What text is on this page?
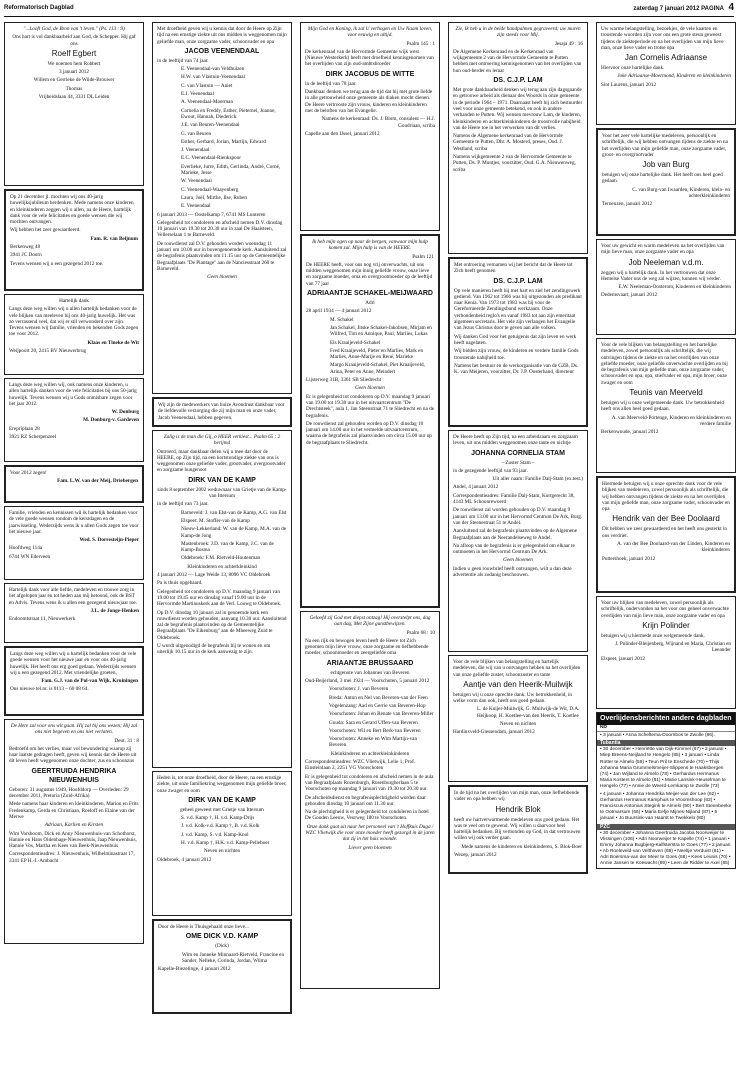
Reformatorisch Dagblad	zaterdag 7 januari 2012 PAGINA 4

"...Looft God, de Bron van 't leven." (Ps. 113 : 9)

Ons hart is vol dankbaarheid aan God, de Schepper. Hij gaf ons

Roelf Egbert

We noemen hem Robbert

3 januari 2012

Willem en Gerrieke de Wilde-Brouwer

Thomas

Vrijheidslaan 44, 3331 DL Leiden

Op 21 december jl. mochten wij ons 40-jarig huwelijksjubileum herdenken. Mede namens onze kinderen en kleinkinderen zeggen wij u allen, na de Heere, hartelijk dank voor de vele felicitaties en goede wensen die wij mochten ontvangen.

Wij hebben het zeer gewaardeerd.

Fam. R. van Beljnum

Berkenweg 48

3941 JC Doorn

Tevens wensen wij u een gezegend 2012 toe.

Hartelijk dank

Langs deze weg willen wij u allen hartelijk bedanken voor de vele blijken van meeleven bij ons 40-jarig huwelijk. Het was zo verrassend veel, dat wij er stil verwonderd over zijn. Tevens wensen wij familie, vrienden en bekenden Gods zegen toe voor 2012.

Klaas en Tineke de Wit

Weijpoort 20, 2415 BV Nieuwerbrug

Langs deze weg willen wij, ook namens onze kinderen, u allen hartelijk danken voor de vele felicitaties bij ons 50-jarig huwelijk. Tevens wensen wij u Gods onmisbare zegen voor het jaar 2012.

W. Donburg

M. Donburg-v. Gardeven

Erepriplaan 28

3921 RZ Scherpenzeel

Voor 2012 zegen!

Fam. L.W. van der Meij, Driebergen

Familie, vrienden en kennissen wil ik hartelijk bedanken voor de vele goede wensen rondom de kerstdagen en de jaarwisseling. Wederzijds wens ik u allen Gods zegen toe voor het nieuwe jaar.

Wed. S. Dorresteijn-Pieper

Hoofdweg 114a

6744 WN Ederveen

Hartelijk dank voor alle liefde, medeleven en trouwe zorg in het afgelopen jaar en tot heden aan mij betoond, ook de BST en Advis. Tevens wens ik u allen een gezegend nieuwjaar toe.

J.L. de Jonge-Henken

Endoomtstraat 11, Nieuwerkerk

Langs deze weg willen wij u hartelijk bedanken voor de vele goede wensen voor het nieuwe jaar en voor ons 40-jarig huwelijk. Het heeft ons erg goed gedaan. Wederzijds wensen wij u een gezegend 2012. Met vriendelijke groeten,

Fam. G.J. van de Pol-van Wijk, Kruiningen

Ons nieuwe tel.nr. is 0113 – 60 08 64.

De Here zal voor ons wit gaan. Hij zal bij ons wezen; Hij zal ons niet begeven en ons niet verlaten.

Deut. 31 : 8

Bedroefd om het verlies, maar vol bewondering waarop zij haar laatste gedragen heeft, geven wij kennis dat de Heere uit dit leven heeft weggenomen onze dochter, zus en schoonzus

GEERTRUIDA HENDRIKA NIEUWENHUIS

Geboren: 31 augustus 1949, Hoofddorp — Overleden: 29 december 2011, Pretoria (Zuid-Afrika)

Mede namens haar kinderen en kleinkinderen, Marion en Frits Fredenkamp, Gerda en Christiaan, Roeloff en Elaine van der Merwe

Adriaan, Karlien en Kirsten

Wim Vorsboom, Dick en Anny Nieuwenhuis-van Schothorst, Hannie en Hans Oldenhage-Nieuwenhuis, Jaap Nieuwenhuis, Hannie Vos, Martha en Kees van Beek-Nieuwenhuis

Correspondentieadres: J. Nieuwenhuis, Wilhelminastraat 17, 3341 EP H.-I.-Ambacht

Met droefheid geven wij u kennis dat door de Heere op Zijn tijd na een ernstige ziekte uit ons midden is weggenomen mijn geliefde man, onze zorgzame vader, schoonvader en opa

JACOB VEENENDAAL

in de leeftijd van 74 jaar.

E. Veenendaal-van Veldhuizen

H.W. van Vlastuin-Veenendaal

C. van Vlastuin — Aniet

E.J. Veenendaal

A. Veenendaal-Moerman

Cornelia en Freddy, Esther, Pieternel, Joanne, Ewout, Hannah, Diederick

J.E. van Beuren-Veenendaal

G. van Beuren

Esther, Gerhard, Jorian, Martijn, Edward

J. Veenendaal

E.C. Veenendaal-Rienkspoor

Everlieke, Jurre, Edith, Gerlinda, André, Corné, Marieke, Jesse

W. Veenendaal

C. Veenendaal-Waayenberg

Laura, Joël, Mirthe, Ilse, Ruben

E. Veenendaal

6 januari 2013 — Oostelkamp 7, 6741 MS Lunteren

Gelegenheid tot condoleren en afscheid nemen D.V. dinsdag 10 januari van 19.30 tot 20.30 uur in zaal De Haalsteen, Vellerselaan 1 te Barneveld.

De rouwdienst zal D.V. gehouden worden woensdag 11 januari om 10.00 uur in bovengenoemde kerk. Aansluitend zal de begrafenis plaatsvinden om 11.15 uur op de Gemeentelijke Begraafplaats "De Plantage" aan de Nanciesstraat 260 te Barneveld.

Geen bloemen

Wij zijn de medewerkers van huize Avondrust dankbaar voor de liefdevolle verzorging die zij mijn man en onze vader, Jacob Veenendaal, hebben gegeven.

Zalig is de man die Gij, o HEER verkiest... Psalm 65 : 2 berijmd

Ontroerd, maar dankbaar delen wij u mee dat door de HEERE, op Zijn tijd, na een kortstondige ziekte van ons is weggenomen onze geliefde vader, grootvader, overgrootvader en zorgzame hungenoot

DIRK VAN DE KAMP

sinds 8 september 2002 weduwnaar van Grietje van de Kamp-van Ittersum

in de leeftijd van 73 jaar.

Barneveld: J. van Elst-van de Kamp, A.G. van Elst

Elspeet: M. Stoffer-van de Kamp

Nieuw-Lekkerland: W. van de Kamp, M.A. van de Kamp-de Jong

Mastenbroek: J.D. van de Kamp, J.C. van de Kamp-Bosma

Oldebroek: F.M. Rietveld-Houtenman

Kleinkinderen en achterkleinkind

4 januari 2012 — Lage Weide 13, 8096 VC Oldebroek

Pa is thuis opgebaard.

Gelegenheid tot condoleren op D.V. maandag 9 januari van 19.00 tot 19.45 uur en dinsdag vanaf 19.00 uur in de Hervormde Martinuskerk aan de Verl. Loowg te Oldebroek.

Op D.V. dinsdag 10 januari zal in genoemde kerk een rouwdienst worden gehouden, aanvang 10.30 uur. Aansluitend zal de begrafenis plaatsvinden op de Gemeentelijke Begraafplaats "De Eikenburg" aan de Mheeweg Zuid te Oldebroek.

U wordt uitgenodigd de begrafenis bij te wonen en om uiterlijk 10.15 uur in de kerk aanwezig te zijn.

Heden is, tot onze droefheid, door de Heere, na een ernstige ziekte, uit onze familiekring weggenomen mijn geliefde broer, onze zwager en oom

DIRK VAN DE KAMP

geheel geweest met Grietje van Ittersum

S. v.d. Kamp †, H. v.d. Kamp-Drijs

J. v.d. Kolk-v.d. Kamp †, B. v.d. Kolk

J. v.d. Kamp, S. v.d. Kamp-Knol

H. v.d. Kamp †, H.K. v.d. Kamp-Pelleboer

Neven en nichten

Oldebroek, 4 januari 2012

Door de Heere is Thuisgehaald onze lieve...

OME DICK V.D. KAMP

(Dick)

Wim en Janneke Minnaard-Rietveld, Francine en Sander, Nelleke, Corinda, Jordan, Wilma

Kapelle-Biezelinge, 4 januari 2012

Mijn God en Koning, ik zal U verhogen en Uw Naam loven, voor eeuwig en altijd.

Psalm 145 : 1

De kerkenraad van de Hervormde Gemeente wijk west (Nieuwe Westerkerk) heeft met droefheid kennisgenomen van het overlijden van zijn oud-ambtsbroeder

DIRK JACOBUS DE WITTE

in de leeftijd van 78 jaar.

Dankbaar denken we terug aan de tijd dat hij met grote liefde in alle getrouwheid onze gemeente als diaken mocht dienen. De Heere vertrooste zijn vrouw, kinderen en kleinkinderen met de beloften van het Evangelie.

Namens de kerkenraad: Ds. J. Blom, consulent — H.J. Goudriaan, scriba

Capelle aan den IJssel, januari 2012

Ik heb mijn ogen op naar de bergen, vanwaar mijn hulp komen zal. Mijn hulp is van de HEERE.

Psalm 121

De HEERE heeft, voor ons nog vrij onverwachts, uit ons midden weggenomen mijn innig geliefde vrouw, onze lieve en zorgzame moeder, oma en overgrootmoeder op de leeftijd van 77 jaar

ADRIAANTJE SCHAKEL-MEIJWAARD

Adri

28 april 1934 — 4 januari 2012

M. Schakel

Jan Schakel, Jitske Schakel-Jakobsen, Mirjam en Wilfred, Tim en Annique, Paul, Marlies, Lukas

Els Kraaijeveld-Schakel

Fred Kraaijeveld, Pieter en Marlies, Mark en Marlies, Anne-Marije en René, Marieke

Margo Kraaijeveld-Schakel, Piet Kraaijeveld, Arina, Peter en Anne, Meindert

Lijsterweg 31B, 3361 SB Sliedrecht

Geen bloemen

Er is gelegenheid tot condoleren op D.V. maandag 9 januari van 19.00 tot 19.30 uur in het uitvaartcentrum "De Drechtsteek", aula 1, Jan Steenstraat 71 te Sliedrecht en na de begrafenis.

De rouwdienst zal gehouden worden op D.V. dinsdag 10 januari om 14.00 uur in het vermelde uitvaartcentrum, waarna de begrafenis zal plaatsvinden om circa 15.00 uur op de begraafplaats te Sliedrecht.

Geloofd zij God met diepst ontzag! Hij overstelpt ons, dag aan dag, Met Zijne gunstbewijzen.

Psalm 68 : 10

Na een rijk en bewogen leven heeft de Heere tot Zich genomen mijn lieve vrouw, onze zorgzame en liefhebbende moeder, schoonmoeder en zeergeliefde oma

ARIAANTJE BRUSSAARD

echtgenote van Johannes van Beveren

Oud-Beijerland, 3 mei 1924 — Voorschoten, 5 januari 2012

Voorschoten: J. van Beveren

Breda: Anton en Nel van Beveren-van der Feen

Vogelenzang: Aad en Gerrie van Beveren-Hop

Voorschoten: Johan en Renate van Beveren-Miller

Gouda: Sara en Gerard Uffen-van Beveren

Voorschoten: Wil en Bert Berk-van Beveren

Voorschoten: Anneke en Wim Martijn-van Beveren

Kleinkinderen en achterkleinkinderen

Correspondentieadres: WZC Vlietwijk, Lelie 1, Prof. Einsteinlaan 2, 2251 VG Voorschoten

Er is gelegenheid tot condoleren en afscheid nemen in de aula van Begraafplaats Rozenburgh, Rosenburgherlaan 5 te Voorschoten op maandag 9 januari van 19.30 tot 20.30 uur.

De afscheidsdienst en begrafenisplechtigheid worden daar gehouden dinsdag 10 januari om 11.30 uur.

Na de plechtigheid is er gelegenheid tot condoleren in hotel De Gouden Leeuw, Veurweg 180 te Voorschoten.

Onze dank gaat uit naar het personeel van 't Hoffkuis Duga / WZC Vlietwijk die voor onze moeder heeft gezorgd in de jaren dat zij in het huis woonde.

Liever geen bloemen

Zie, Ik heb u in de beide handpalmen gegraveerd; uw muren zijn steeds voor Mij.

Jesaja 49 : 16

De Algemene Kerkenraad en de Kerkenraad van wijkgemeente 2 van de Hervormde Gemeente te Putten hebben met ontroering kennisgenomen van het overlijden van hun oud-herder en leraar

DS. C.J.P. LAM

Met grote dankbaarheid denken wij terug aan zijn dagsgaande en getrouwe arbeid als dienaar des Woords in onze gemeente in de periode 1964 – 1971. Daarnaast heeft hij zich bestuurder veel voor onze gemeente betekend, en ook in andere verbanden te Putten. Wij wensen mevrouw Lam, de kinderen, kleinkinderen en achterkleinkinderen de troostvolle nabijheid van de Heere toe in het verwerken van dit verlies.

Namens de Algemene kerkenraad van de Hervormde Gemeente te Putten, Dhr. A. Mosterd, preses, Oud. J. Westland, scriba

Namens wijkgemeente 2 van de Hervormde Gemeente te Putten, Ds. P. Muntjes, voorzitter, Oud. G.A. Nieuwenweg, scriba

Met ontroering vernamen wij het bericht dat de Heere tot Zich heeft genomen

DS. C.J.P. LAM

Op vele manieren heeft hij met hart en ziel het zendingswerk gediend. Van 1962 tot 1966 was hij uitgezonden als predikant naar Kenia. Van 1973 tot 1983 was hij voor de Gereformeerde Zendingsbond werkzaam. Onze verbondenheid reglo's en vanaf 1983 tot aan zijn emeritaat algemeen secretaris. Het vele zijn verlangen het Evangelie van Jezus Christus door te geven aan alle volken.

Wij danken God voor het getuigenis dat zijn leven en werk heeft nagelaten.

Wij bidden zijn vrouw, de kinderen en verdere familie Gods troostende nabijheid toe.

Namens het bestuur en de werkorganisatie van de GZB, Ds. K. van Meijeren, voorzitter, Dr. J.P. Oosterhand, directeur

De Heere heeft op Zijn tijd, na een arbeidzaam en zorgzaam leven, uit ons midden weggenomen onze tante en nichtje

JOHANNA CORNELIA STAM

– Zuster Stam –

in de gezegende leeftijd van 93 jaar.

Uit aller naam: Familie Dalj-Stam (ex.test.)

Andel, 4 januari 2012

Correspondentieadres: Familie Dalj-Stam, Kortgerecht 38, 4143 ML Schoonrewoerd

De rouwdienst zal worden gehouden op D.V. maandag 9 januari om 13.00 uur in het Hervormd Centrum De Ark, Burg. van der Steenestraat 51 te Andel.

Aansluitend zal de begrafenis plaatsvinden op de Algemene Begraafplaats aan de Neerandelseweg te Andel.

Na afloop van de begrafenis is er gelegenheid om elkaar te ontmoeten in het Hervormd Centrum De Ark.

Geen bloemen

Indien u geen rouwbrief heeft ontvangen, wilt u dan deze advertentie als zodanig beschouwen.

Voor de vele blijken van belangstelling en hartelijk medeleven, die wij van u ontvangen hebben na het overlijden van onze geliefde zuster, schoonzuster en tante

Aantje van den Heerik-Muilwijk

betuigen wij u onze oprechte dank. Uw betrokkenheid, in welke vorm dan ook, heeft ons goed gedaan.

L. de Kuijer-Muilwijk, G. Muilwijk-de Wit, D.A. Heijkoop, H. Koetlee-van den Heerik, T. Koetlee

Neven en nichten

Hardinxveld-Giessendam, januari 2012

In de tijd na het overlijden van mijn man, onze liefhebbende vader en opa hebben wij

Hendrik Blok

heeft uw hartverwarmende medeleven ons goed gedaan. Het was te veel om te gewend. Wij willen u daarvoor heel hartelijk bedanken. Bij verbonden op God, in dat vertrouwen willen wij ook verder gaan.

Mede namens de kinderen en kleinkinderen, S. Blok-Boer

Wezep, januari 2012

Uw warme belangstelling, bezoekjes, de vele kaarten en troostende woorden zijn voor ons een grote steun geweest tijdens de ziekteperiode en na het overlijden van mijn lieve man, onze lieve vader en trotse opa

Jan Cornelis Adriaanse

Hiervoor onze hartelijke dank.

Joke Adriaanse-Moermond, Kinderen en kleinkinderen

Sint Laurens, januari 2012

Voor het zeer vele hartelijke medeleven, persoonlijk en schriftelijk, die wij hebben ontvangen tijdens de ziekte en na het overlijden van mijn geliefde man, onze zorgzame vader, groot- en overgrootvader

Job van Burg

betuigen wij onze hartelijke dank. Het heeft ons heel goed gedaan.

C. van Burg-van Iwaarden, Kinderen, klein- en achterkleinkinderen

Terneuzen, januari 2012

Voor uw gewicht en warm medeleven na het overlijden van mijn lieve man, onze zorgzame vader en opa

Job Neeleman v.d.m.

zeggen wij u hartelijk dank. In het vertrouwen dat onze Hemelse Vader ons de weg zal wijzen, kunnen wij verder.

E.W. Neeleman-Oosterom, Kinderen en kleinkinderen

Dedemsvaart, januari 2012

Voor de vele blijken van belangstelling en het hartelijke medeleven, zowel persoonlijk als schriftelijk, die wij ontvingen tijdens de ziekte en na het overlijden van onze geliefde moeder, onze geliefde onverwachte overlijden en bij de begrafenis van mijn geliefde man, onze zorgzame vader, schoonvader en opa, opa, stiefvader en opa, mijn broer, onze zwager en oom

Teunis van Meerveld

betuigen wij u onze welgemeende dank. Uw betrokkenheid heeft ons allen heel goed gedaan.

A. van Meerveld-Portenge, Kinderen en kleinkinderen en verdere familie

Berkenwoude, januari 2012

Hiermede betuigen wij u onze oprechte dank voor de vele blijken van medeleven, zowel persoonlijk als schriftelijk, die wij hebben ontvangen tijdens de ziekte en na het overlijden van mijn geliefde man, onze zorgzame vader, schoonvader en opa

Hendrik van der Bee Doolaard

Dit hebben we zeer gewaardeerd en het heeft ons gesterkt in ons verdriet.

A. van der Bee Doolaard-van der Linden, Kinderen en kleinkinderen

Puttershoek, januari 2012

Voor uw blijken van medeleven, zowel persoonlijk als schriftelijk, ondervonden na het voor ons geheel onverwachte overlijden van mijn lieve man, onze zorgzame vader en opa

Krijn Polinder

betuigen wij u hiermede onze welgemeende dank.

J. Polinder-Bleijenberg, Wijnand en Maria, Christian en Leeander

Elspeet, januari 2012

Overlijdensberichten andere dagbladen
ND
• 3 januari • Anna Scheltema-Doornbos te Zwolle (86).
Tubantia
• 30 december • Henriëtte van Dijk-Kimmel (67) • 2 januari • Miep Breens-Neijland te Hengelo (85) • 3 januari • Linda Rotter te Almelo (59) • Teun Pril te Enschede (70) • Thijs Johanna Maria Grummelsmeijer-Slippens te Haaksbergen (74) • Jan Wijland te Almelo (78) • Gerhardus Hermanus Maria Kosters te Almelo (81) • Marie Lansink-Heuselman te Hengelo (77) • Annie de Weerd-Lemkamp te Zwolle (73)
• 4 januari • Johanna Hendrika Meijer-van der Lee (62) • Gerhardus Hermanus Kamphuis te Vroomshoop (62) • Franciscus Antonius Stegink te Almelo (90) • Bert Steenbeeke te Ootmarsum (66) • Maria Eefje Mijnes-Nijland (87) • 5 januari • Jo Buursink-van Haarst te Twekkelo (80)
PZC
• 30 december • Johanna Geertruida Jacoba Noorweijer te Vlissingen (106) • Adri Noorweijer te Kapelle (74) • 1 januari • Emmy Johanna Bugbjerg-Kalfsterstra te Goes (77) • 2 januari • Ab Roeleveld-van Velthoven (69) • Neeltje Verduist (81) • Adri Boersma-van der Meer te Goes (68) • Kees Leunis (70) • Annie Jansen te Koewacht (89) • Leen de Ridder te Axel (85)
